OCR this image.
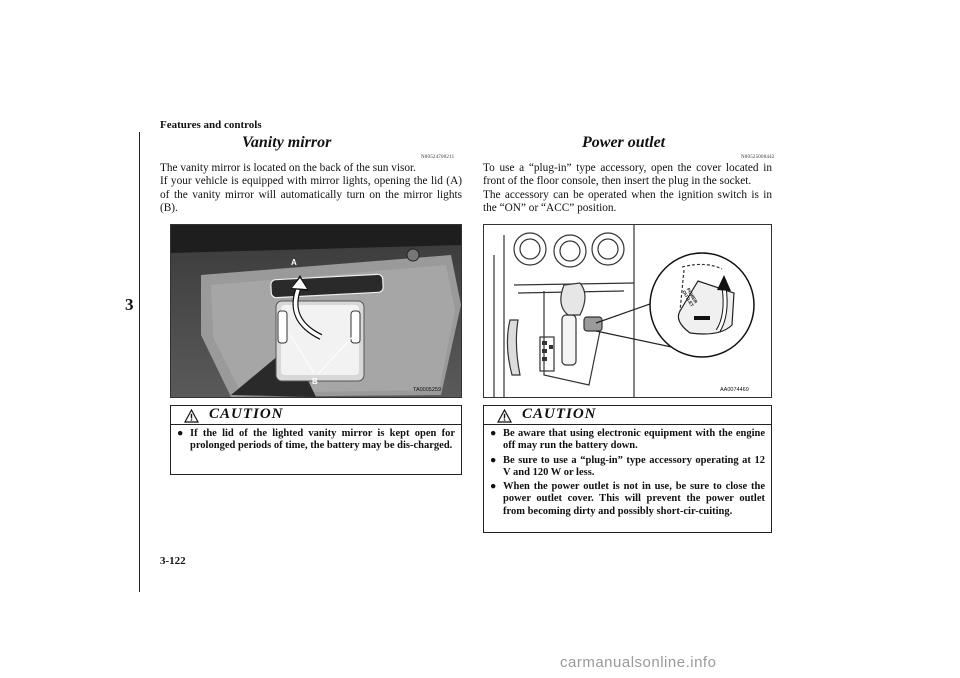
Features and controls
3
Vanity mirror
N00524700211
The vanity mirror is located on the back of the sun visor.
If your vehicle is equipped with mirror lights, opening the lid (A) of the vanity mirror will automatically turn on the mirror lights (B).
A
B
TA0005259
CAUTION
● If the lid of the lighted vanity mirror is kept open for prolonged periods of time, the battery may be dis-charged.
Power outlet
N00525000442
To use a “plug-in” type accessory, open the cover located in front of the floor console, then insert the plug in the socket.
The accessory can be operated when the ignition switch is in the “ON” or “ACC” position.
POWER OUTLET
AA0074469
CAUTION
● Be aware that using electronic equipment with the engine off may run the battery down.
● Be sure to use a “plug-in” type accessory operating at 12 V and 120 W or less.
● When the power outlet is not in use, be sure to close the power outlet cover. This will prevent the power outlet from becoming dirty and possibly short-cir-cuiting.
3-122
carmanualsonline.info
